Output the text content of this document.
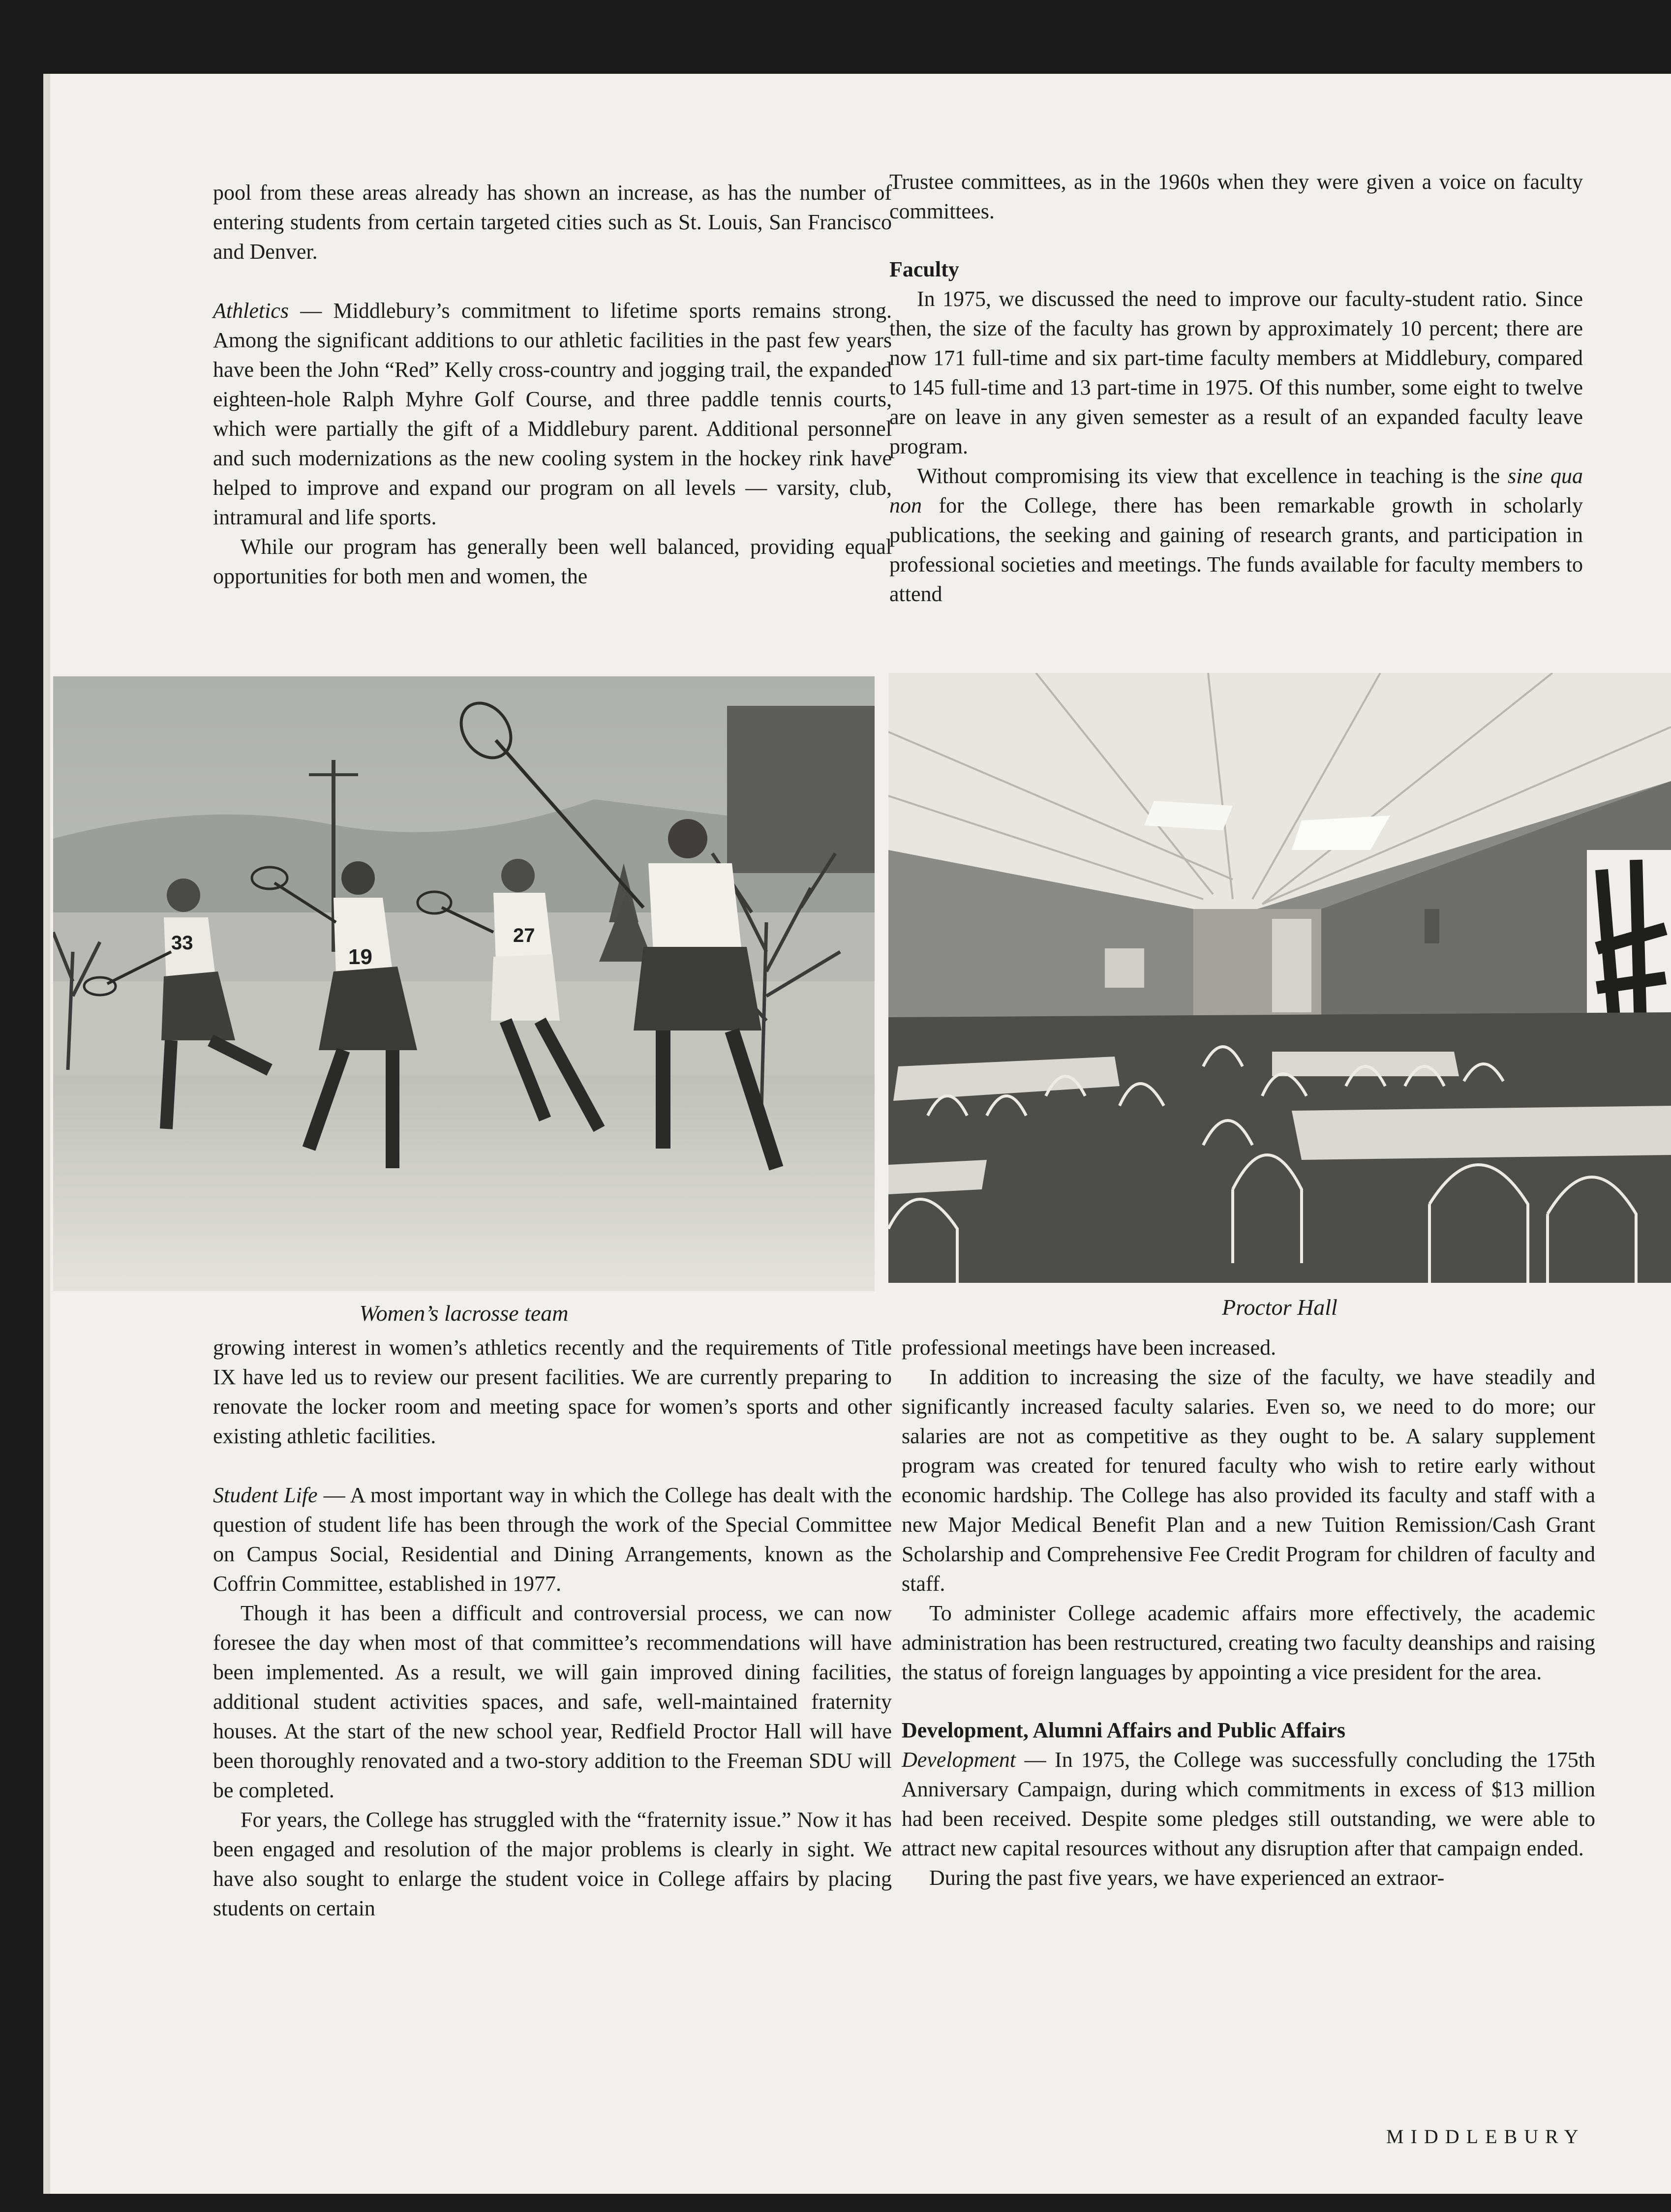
pool from these areas already has shown an increase, as has the number of entering students from certain targeted cities such as St. Louis, San Francisco and Denver.

Athletics — Middlebury’s commitment to lifetime sports remains strong. Among the significant additions to our athletic facilities in the past few years have been the John “Red” Kelly cross-country and jogging trail, the expanded eighteen-hole Ralph Myhre Golf Course, and three paddle tennis courts, which were partially the gift of a Middlebury parent. Additional personnel and such modernizations as the new cooling system in the hockey rink have helped to improve and expand our program on all levels — varsity, club, intramural and life sports.

While our program has generally been well balanced, providing equal opportunities for both men and women, the

Trustee committees, as in the 1960s when they were given a voice on faculty committees.

Faculty

In 1975, we discussed the need to improve our faculty-student ratio. Since then, the size of the faculty has grown by approximately 10 percent; there are now 171 full-time and six part-time faculty members at Middlebury, compared to 145 full-time and 13 part-time in 1975. Of this number, some eight to twelve are on leave in any given semester as a result of an expanded faculty leave program.

Without compromising its view that excellence in teaching is the sine qua non for the College, there has been remarkable growth in scholarly publications, the seeking and gaining of research grants, and participation in professional societies and meetings. The funds available for faculty members to attend

33
19
27
Women’s lacrosse team	Proctor Hall

growing interest in women’s athletics recently and the requirements of Title IX have led us to review our present facilities. We are currently preparing to renovate the locker room and meeting space for women’s sports and other existing athletic facilities.

Student Life — A most important way in which the College has dealt with the question of student life has been through the work of the Special Committee on Campus Social, Residential and Dining Arrangements, known as the Coffrin Committee, established in 1977.

Though it has been a difficult and controversial process, we can now foresee the day when most of that committee’s recommendations will have been implemented. As a result, we will gain improved dining facilities, additional student activities spaces, and safe, well-maintained fraternity houses. At the start of the new school year, Redfield Proctor Hall will have been thoroughly renovated and a two-story addition to the Freeman SDU will be completed.

For years, the College has struggled with the “fraternity issue.” Now it has been engaged and resolution of the major problems is clearly in sight. We have also sought to enlarge the student voice in College affairs by placing students on certain

professional meetings have been increased.

In addition to increasing the size of the faculty, we have steadily and significantly increased faculty salaries. Even so, we need to do more; our salaries are not as competitive as they ought to be. A salary supplement program was created for tenured faculty who wish to retire early without economic hardship. The College has also provided its faculty and staff with a new Major Medical Benefit Plan and a new Tuition Remission/Cash Grant Scholarship and Comprehensive Fee Credit Program for children of faculty and staff.

To administer College academic affairs more effectively, the academic administration has been restructured, creating two faculty deanships and raising the status of foreign languages by appointing a vice president for the area.

Development, Alumni Affairs and Public Affairs

Development — In 1975, the College was successfully concluding the 175th Anniversary Campaign, during which commitments in excess of $13 million had been received. Despite some pledges still outstanding, we were able to attract new capital resources without any disruption after that campaign ended.

During the past five years, we have experienced an extraor-

MIDDLEBURY
